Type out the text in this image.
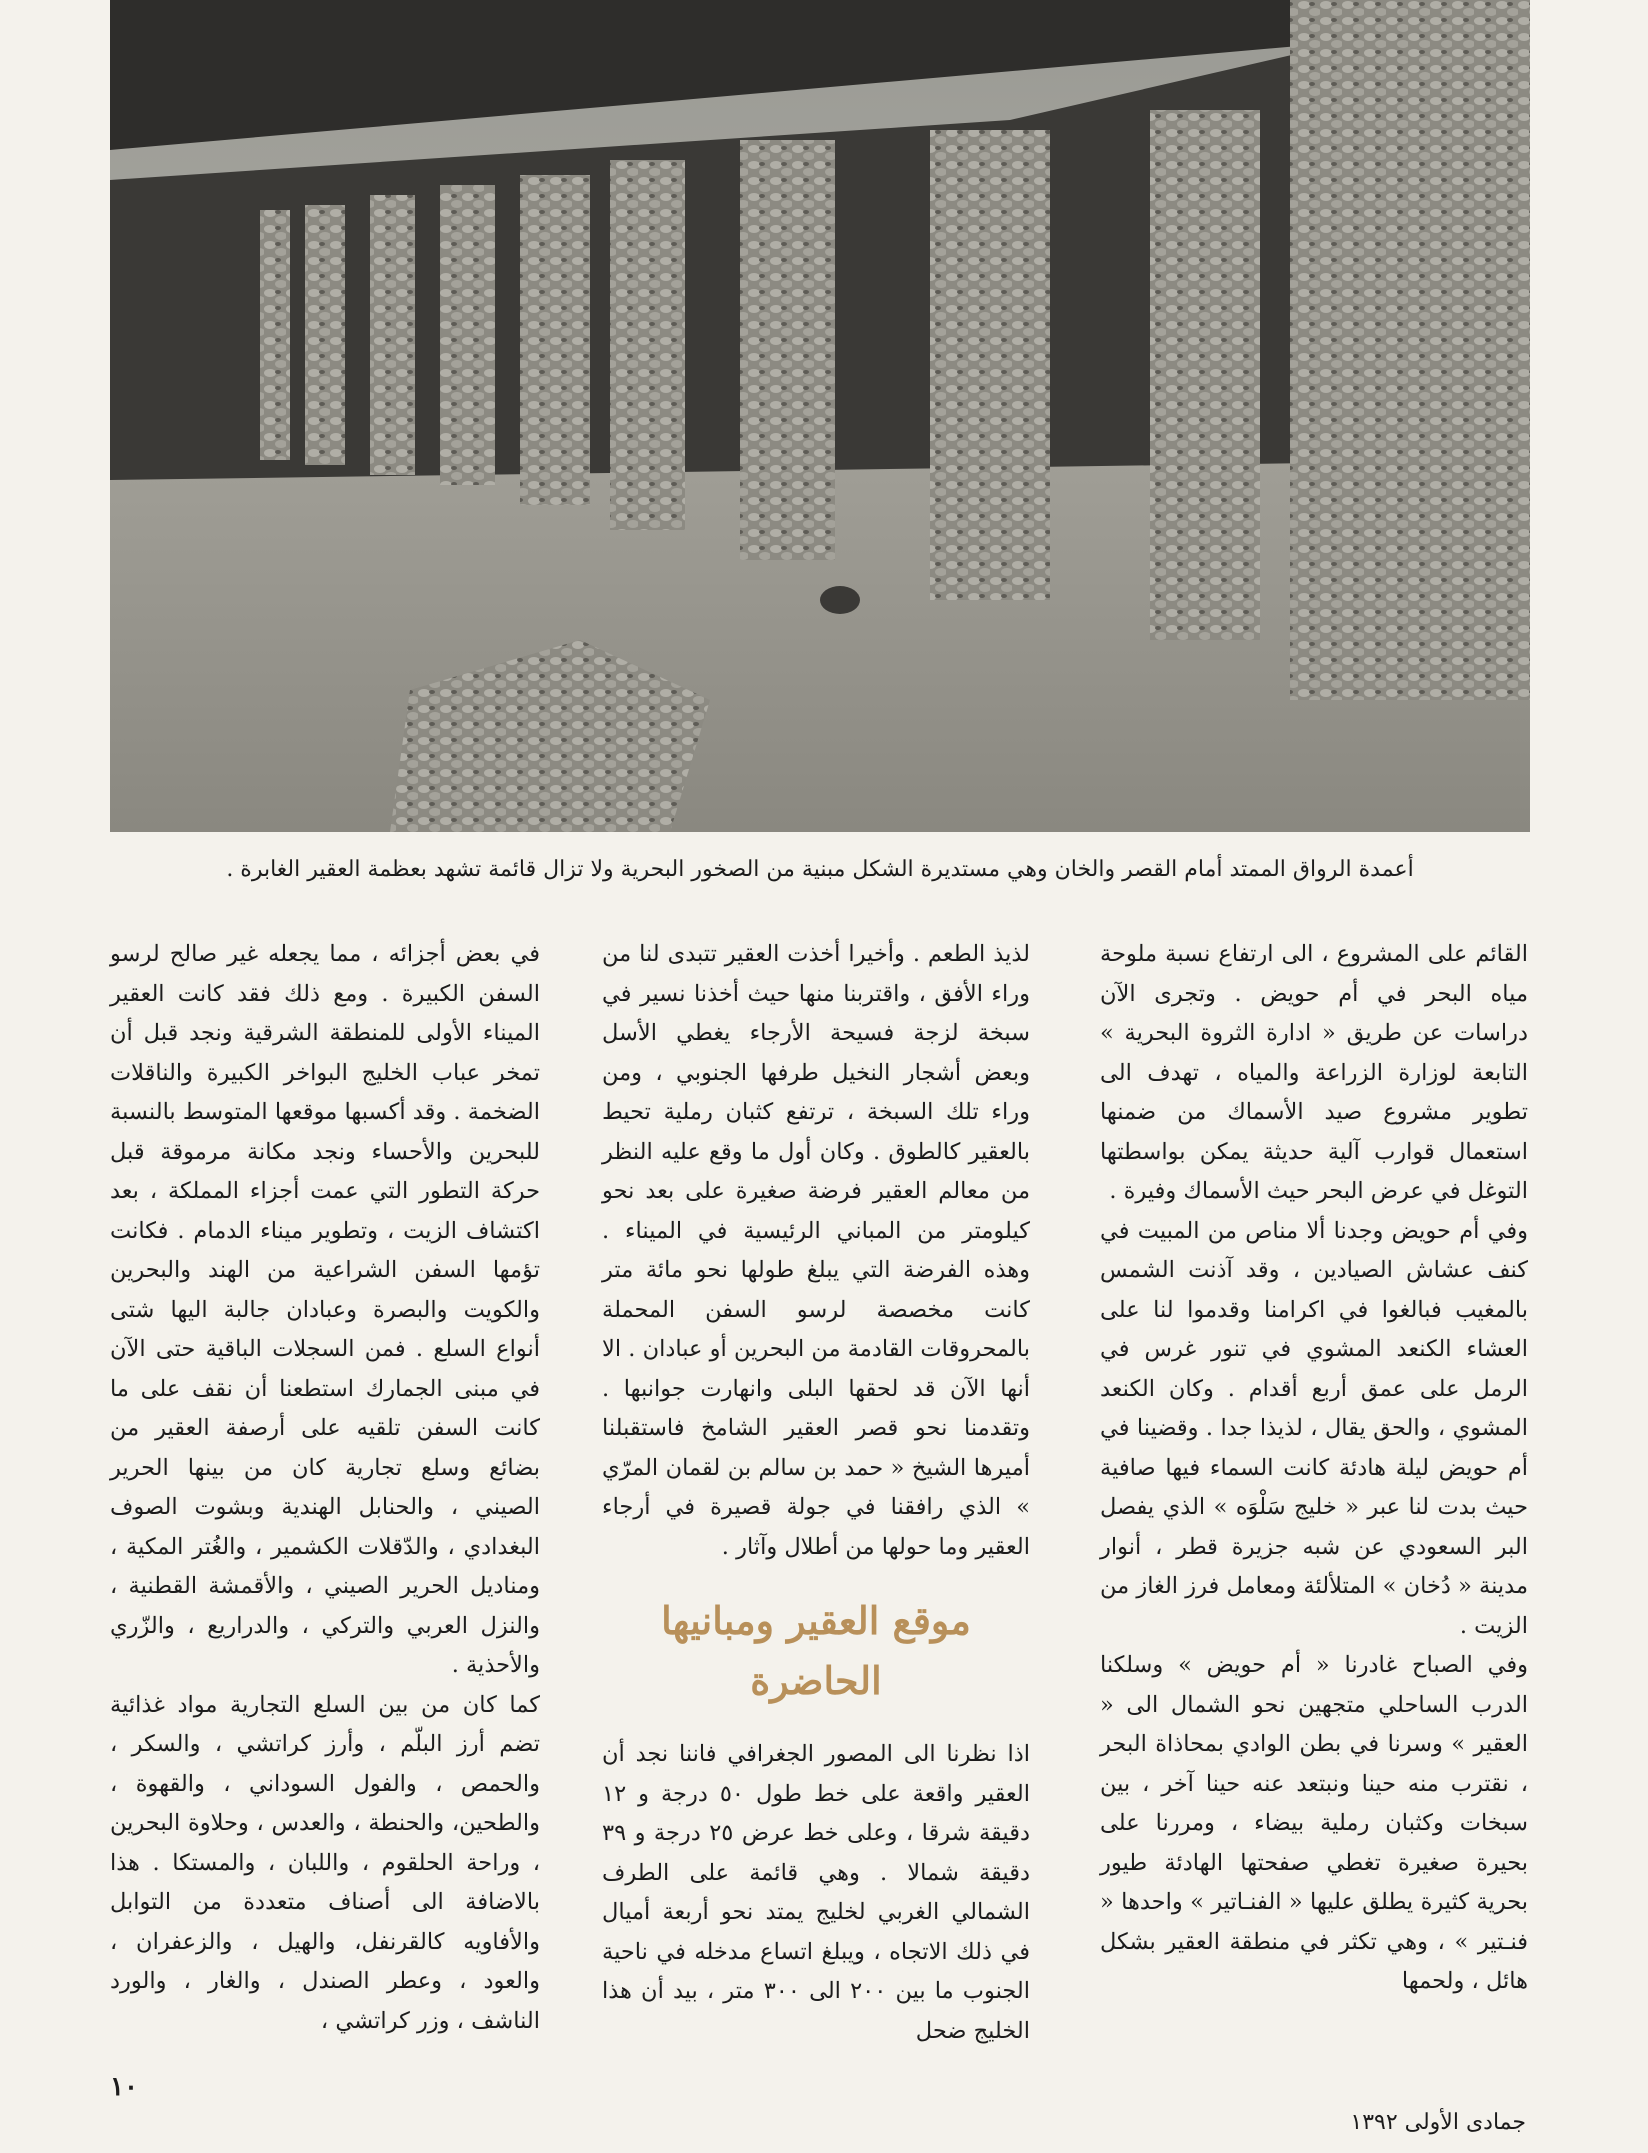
أعمدة الرواق الممتد أمام القصر والخان وهي مستديرة الشكل مبنية من الصخور البحرية ولا تزال قائمة تشهد بعظمة العقير الغابرة .

القائم على المشروع ، الى ارتفاع نسبة ملوحة مياه البحر في أم حويض . وتجرى الآن دراسات عن طريق « ادارة الثروة البحرية » التابعة لوزارة الزراعة والمياه ، تهدف الى تطوير مشروع صيد الأسماك من ضمنها استعمال قوارب آلية حديثة يمكن بواسطتها التوغل في عرض البحر حيث الأسماك وفيرة .

وفي أم حويض وجدنا ألا مناص من المبيت في كنف عشاش الصيادين ، وقد آذنت الشمس بالمغيب فبالغوا في اكرامنا وقدموا لنا على العشاء الكنعد المشوي في تنور غرس في الرمل على عمق أربع أقدام . وكان الكنعد المشوي ، والحق يقال ، لذيذا جدا . وقضينا في أم حويض ليلة هادئة كانت السماء فيها صافية حيث بدت لنا عبر « خليج سَلْوَه » الذي يفصل البر السعودي عن شبه جزيرة قطر ، أنوار مدينة « دُخان » المتلألئة ومعامل فرز الغاز من الزيت .

وفي الصباح غادرنا « أم حويض » وسلكنا الدرب الساحلي متجهين نحو الشمال الى « العقير » وسرنا في بطن الوادي بمحاذاة البحر ، نقترب منه حينا ونبتعد عنه حينا آخر ، بين سبخات وكثبان رملية بيضاء ، ومررنا على بحيرة صغيرة تغطي صفحتها الهادئة طيور بحرية كثيرة يطلق عليها « الفنـاتير » واحدها « فنـتير » ، وهي تكثر في منطقة العقير بشكل هائل ، ولحمها

لذيذ الطعم . وأخيرا أخذت العقير تتبدى لنا من وراء الأفق ، واقتربنا منها حيث أخذنا نسير في سبخة لزجة فسيحة الأرجاء يغطي الأسل وبعض أشجار النخيل طرفها الجنوبي ، ومن وراء تلك السبخة ، ترتفع كثبان رملية تحيط بالعقير كالطوق . وكان أول ما وقع عليه النظر من معالم العقير فرضة صغيرة على بعد نحو كيلومتر من المباني الرئيسية في الميناء . وهذه الفرضة التي يبلغ طولها نحو مائة متر كانت مخصصة لرسو السفن المحملة بالمحروقات القادمة من البحرين أو عبادان . الا أنها الآن قد لحقها البلى وانهارت جوانبها . وتقدمنا نحو قصر العقير الشامخ فاستقبلنا أميرها الشيخ « حمد بن سالم بن لقمان المرّي » الذي رافقنا في جولة قصيرة في أرجاء العقير وما حولها من أطلال وآثار .

موقع العقير ومبانيها الحاضرة

اذا نظرنا الى المصور الجغرافي فاننا نجد أن العقير واقعة على خط طول ٥٠ درجة و ١٢ دقيقة شرقا ، وعلى خط عرض ٢٥ درجة و ٣٩ دقيقة شمالا . وهي قائمة على الطرف الشمالي الغربي لخليج يمتد نحو أربعة أميال في ذلك الاتجاه ، ويبلغ اتساع مدخله في ناحية الجنوب ما بين ٢٠٠ الى ٣٠٠ متر ، بيد أن هذا الخليج ضحل

في بعض أجزائه ، مما يجعله غير صالح لرسو السفن الكبيرة . ومع ذلك فقد كانت العقير الميناء الأولى للمنطقة الشرقية ونجد قبل أن تمخر عباب الخليج البواخر الكبيرة والناقلات الضخمة . وقد أكسبها موقعها المتوسط بالنسبة للبحرين والأحساء ونجد مكانة مرموقة قبل حركة التطور التي عمت أجزاء المملكة ، بعد اكتشاف الزيت ، وتطوير ميناء الدمام . فكانت تؤمها السفن الشراعية من الهند والبحرين والكويت والبصرة وعبادان جالبة اليها شتى أنواع السلع . فمن السجلات الباقية حتى الآن في مبنى الجمارك استطعنا أن نقف على ما كانت السفن تلقيه على أرصفة العقير من بضائع وسلع تجارية كان من بينها الحرير الصيني ، والحنابل الهندية وبشوت الصوف البغدادي ، والدّقلات الكشمير ، والغُتر المكية ، ومناديل الحرير الصيني ، والأقمشة القطنية ، والنزل العربي والتركي ، والدراريع ، والزّري والأحذية .

كما كان من بين السلع التجارية مواد غذائية تضم أرز البلّم ، وأرز كراتشي ، والسكر ، والحمص ، والفول السوداني ، والقهوة ، والطحين، والحنطة ، والعدس ، وحلاوة البحرين ، وراحة الحلقوم ، واللبان ، والمستكا . هذا بالاضافة الى أصناف متعددة من التوابل والأفاويه كالقرنفل، والهيل ، والزعفران ، والعود ، وعطر الصندل ، والغار ، والورد الناشف ، وزر كراتشي ،

١٠
جمادى الأولى ١٣٩٢
